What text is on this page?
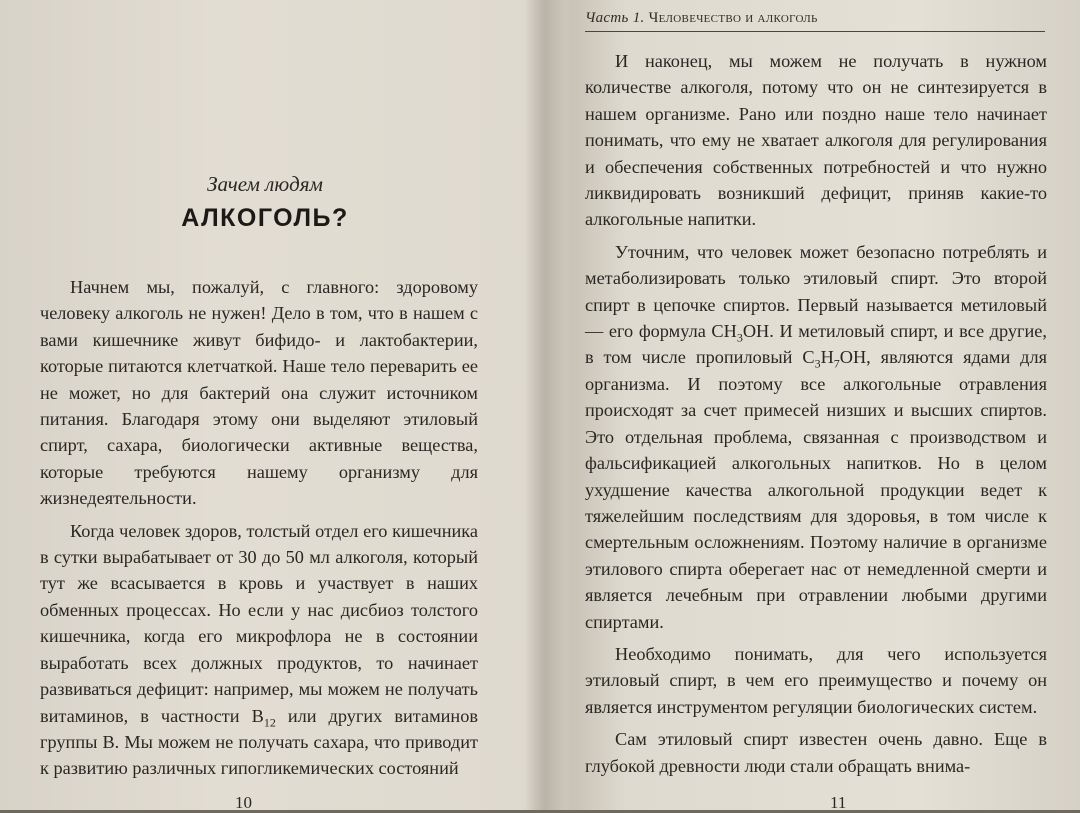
Зачем людям
АЛКОГОЛЬ?

Начнем мы, пожалуй, с главного: здоровому человеку алкоголь не нужен! Дело в том, что в нашем с вами кишечнике живут бифидо- и лактобактерии, которые питаются клетчаткой. Наше тело переварить ее не может, но для бактерий она служит источником питания. Благодаря этому они выделяют этиловый спирт, сахара, биологически активные вещества, которые требуются нашему организму для жизнедеятельности.

Когда человек здоров, толстый отдел его кишечника в сутки вырабатывает от 30 до 50 мл алкоголя, который тут же всасывается в кровь и участвует в наших обменных процессах. Но если у нас дисбиоз толстого кишечника, когда его микрофлора не в состоянии выработать всех должных продуктов, то начинает развиваться дефицит: например, мы можем не получать витаминов, в частности $B_{12}$ или других витаминов группы B. Мы можем не получать сахара, что приводит к развитию различных гипогликемических состояний

10
Часть 1. Человечество и алкоголь

И наконец, мы можем не получать в нужном количестве алкоголя, потому что он не синтезируется в нашем организме. Рано или поздно наше тело начинает понимать, что ему не хватает алкоголя для регулирования и обеспечения собственных потребностей и что нужно ликвидировать возникший дефицит, приняв какие-то алкогольные напитки.

Уточним, что человек может безопасно потреблять и метаболизировать только этиловый спирт. Это второй спирт в цепочке спиртов. Первый называется метиловый — его формула $CH_3OH$. И метиловый спирт, и все другие, в том числе пропиловый $C_3H_7OH$, являются ядами для организма. И поэтому все алкогольные отравления происходят за счет примесей низших и высших спиртов. Это отдельная проблема, связанная с производством и фальсификацией алкогольных напитков. Но в целом ухудшение качества алкогольной продукции ведет к тяжелейшим последствиям для здоровья, в том числе к смертельным осложнениям. Поэтому наличие в организме этилового спирта оберегает нас от немедленной смерти и является лечебным при отравлении любыми другими спиртами.

Необходимо понимать, для чего используется этиловый спирт, в чем его преимущество и почему он является инструментом регуляции биологических систем.

Сам этиловый спирт известен очень давно. Еще в глубокой древности люди стали обращать внима-

11
